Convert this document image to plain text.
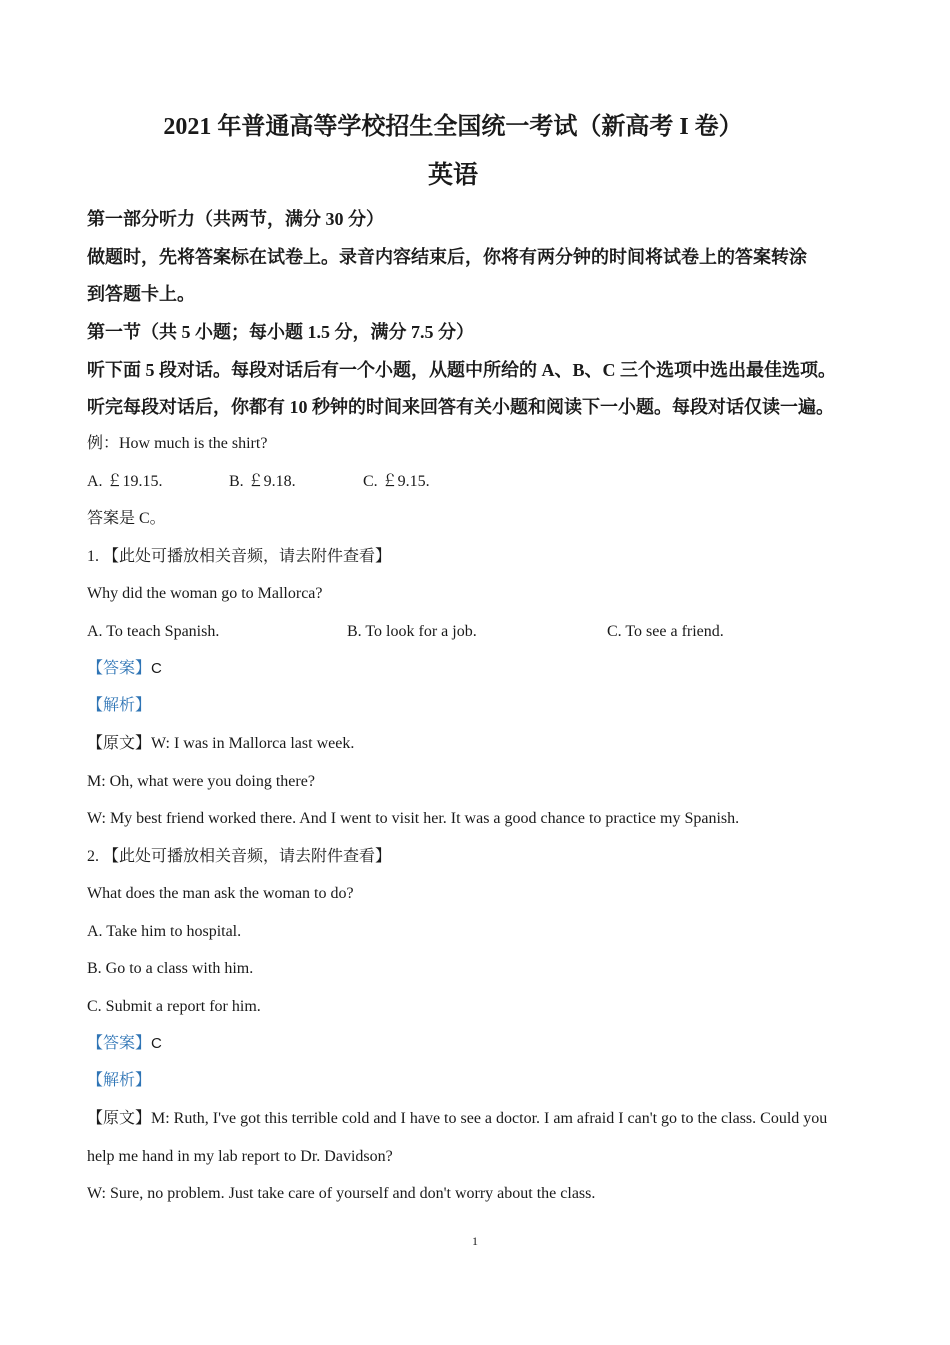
2021 年普通高等学校招生全国统一考试（新高考 I 卷）
英语
第一部分听力（共两节，满分 30 分）
做题时，先将答案标在试卷上。录音内容结束后，你将有两分钟的时间将试卷上的答案转涂
到答题卡上。
第一节（共 5 小题；每小题 1.5 分，满分 7.5 分）
听下面 5 段对话。每段对话后有一个小题，从题中所给的 A、B、C 三个选项中选出最佳选项。
听完每段对话后，你都有 10 秒钟的时间来回答有关小题和阅读下一小题。每段对话仅读一遍。
例：How much is the shirt?
A. ￡19.15.	B. ￡9.18.	C. ￡9.15.
答案是 C。
1. 【此处可播放相关音频，请去附件查看】
Why did the woman go to Mallorca?
A. To teach Spanish.	B. To look for a job.	C. To see a friend.
【答案】C
【解析】
【原文】W: I was in Mallorca last week.
M: Oh, what were you doing there?
W: My best friend worked there. And I went to visit her. It was a good chance to practice my Spanish.
2. 【此处可播放相关音频，请去附件查看】
What does the man ask the woman to do?
A. Take him to hospital.
B. Go to a class with him.
C. Submit a report for him.
【答案】C
【解析】
【原文】M: Ruth, I've got this terrible cold and I have to see a doctor. I am afraid I can't go to the class. Could you
help me hand in my lab report to Dr. Davidson?
W: Sure, no problem. Just take care of yourself and don't worry about the class.
1
